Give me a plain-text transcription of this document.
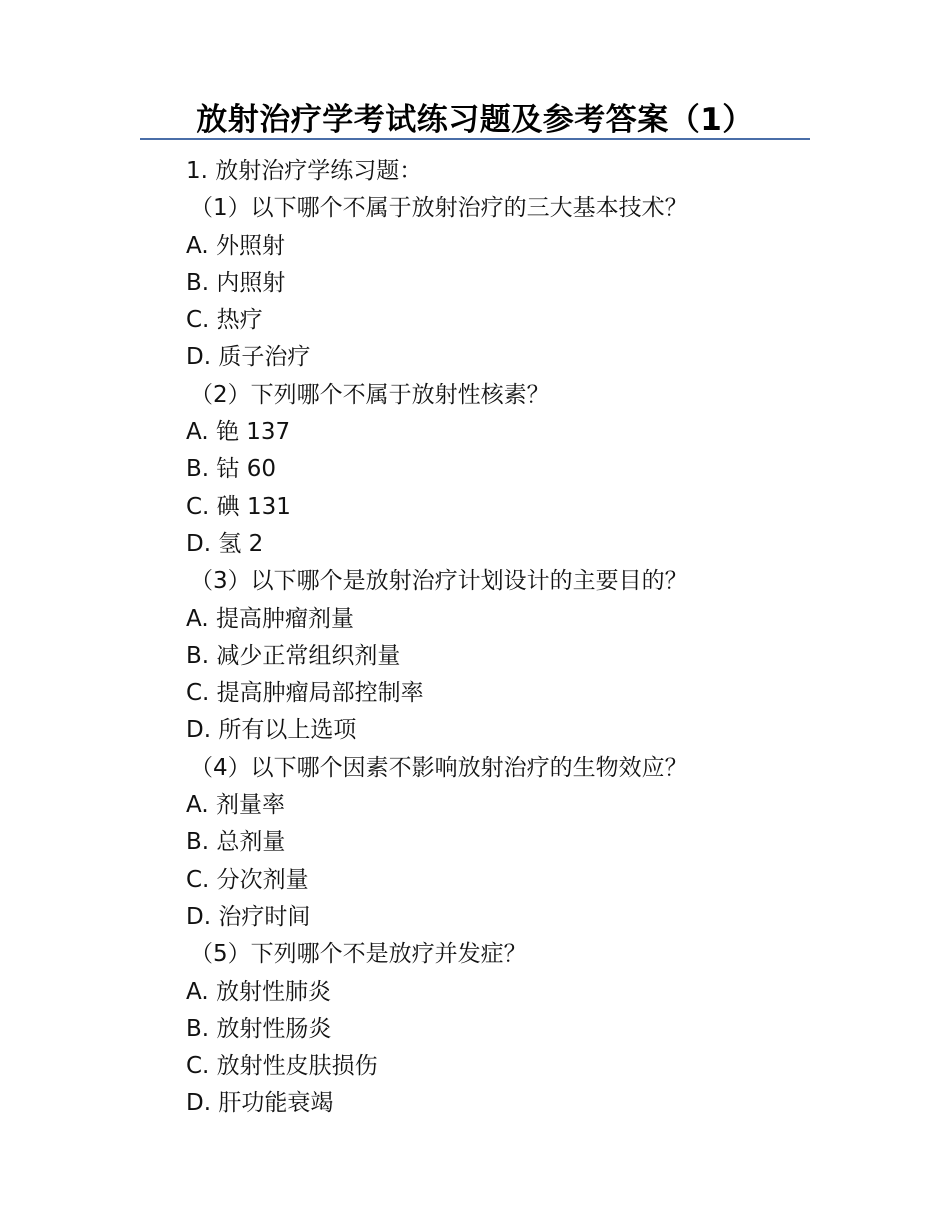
放射治疗学考试练习题及参考答案（1）
1. 放射治疗学练习题：
（1）以下哪个不属于放射治疗的三大基本技术？
A. 外照射
B. 内照射
C. 热疗
D. 质子治疗
（2）下列哪个不属于放射性核素？
A. 铯 137
B. 钴 60
C. 碘 131
D. 氢 2
（3）以下哪个是放射治疗计划设计的主要目的？
A. 提高肿瘤剂量
B. 减少正常组织剂量
C. 提高肿瘤局部控制率
D. 所有以上选项
（4）以下哪个因素不影响放射治疗的生物效应？
A. 剂量率
B. 总剂量
C. 分次剂量
D. 治疗时间
（5）下列哪个不是放疗并发症？
A. 放射性肺炎
B. 放射性肠炎
C. 放射性皮肤损伤
D. 肝功能衰竭
